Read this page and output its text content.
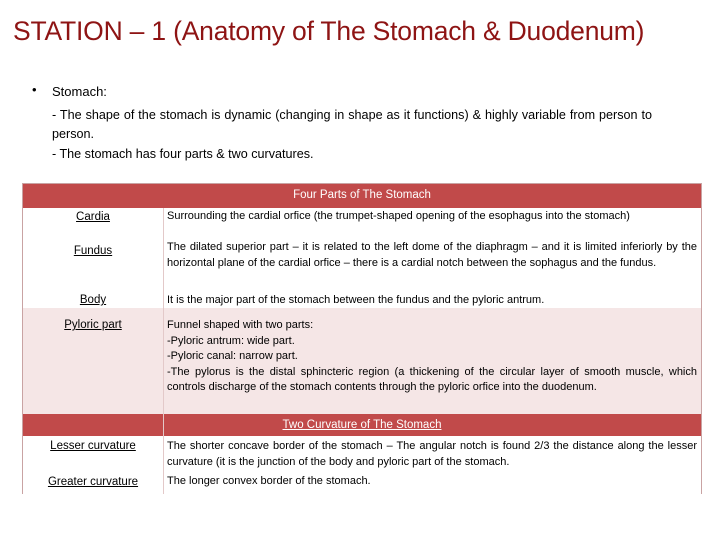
STATION – 1 (Anatomy of The Stomach & Duodenum)
• Stomach:
- The shape of the stomach is dynamic (changing in shape as it functions) & highly variable from person to person.
- The stomach has four parts & two curvatures.
Four Parts of The Stomach
Two Curvature of The Stomach
Cardia	Surrounding the cardial orfice (the trumpet-shaped opening of the esophagus into the stomach)
Fundus	The dilated superior part – it is related to the left dome of the diaphragm – and it is limited inferiorly by the horizontal plane of the cardial orfice – there is a cardial notch between the sophagus and the fundus.
Body	It is the major part of the stomach between the fundus and the pyloric antrum.
Pyloric part	Funnel shaped with two parts:
-Pyloric antrum: wide part.
-Pyloric canal: narrow part.
-The pylorus is the distal sphincteric region (a thickening of the circular layer of smooth muscle, which controls discharge of the stomach contents through the pyloric orfice into the duodenum.
Lesser curvature	The shorter concave border of the stomach – The angular notch is found 2/3 the distance along the lesser curvature (it is the junction of the body and pyloric part of the stomach.
Greater curvature	The longer convex border of the stomach.
